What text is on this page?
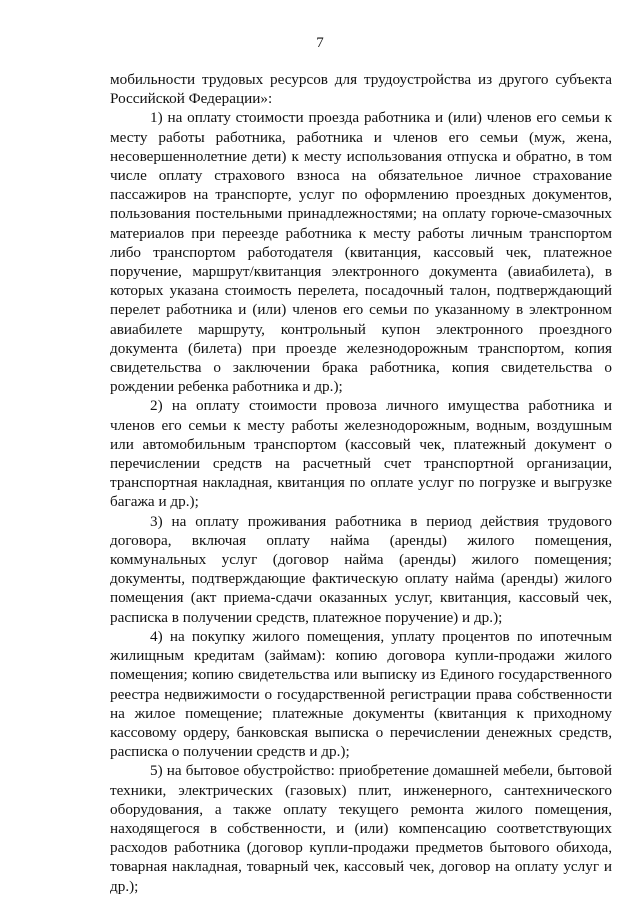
7

мобильности трудовых ресурсов для трудоустройства из другого субъекта Российской Федерации»:

1) на оплату стоимости проезда работника и (или) членов его семьи к месту работы работника, работника и членов его семьи (муж, жена, несовершеннолетние дети) к месту использования отпуска и обратно, в том числе оплату страхового взноса на обязательное личное страхование пассажиров на транспорте, услуг по оформлению проездных документов, пользования постельными принадлежностями; на оплату горюче-смазочных материалов при переезде работника к месту работы личным транспортом либо транспортом работодателя (квитанция, кассовый чек, платежное поручение, маршрут/квитанция электронного документа (авиабилета), в которых указана стоимость перелета, посадочный талон, подтверждающий перелет работника и (или) членов его семьи по указанному в электронном авиабилете маршруту, контрольный купон электронного проездного документа (билета) при проезде железнодорожным транспортом, копия свидетельства о заключении брака работника, копия свидетельства о рождении ребенка работника и др.);

2) на оплату стоимости провоза личного имущества работника и членов его семьи к месту работы железнодорожным, водным, воздушным или автомобильным транспортом (кассовый чек, платежный документ о перечислении средств на расчетный счет транспортной организации, транспортная накладная, квитанция по оплате услуг по погрузке и выгрузке багажа и др.);

3) на оплату проживания работника в период действия трудового договора, включая оплату найма (аренды) жилого помещения, коммунальных услуг (договор найма (аренды) жилого помещения; документы, подтверждающие фактическую оплату найма (аренды) жилого помещения (акт приема-сдачи оказанных услуг, квитанция, кассовый чек, расписка в получении средств, платежное поручение) и др.);

4) на покупку жилого помещения, уплату процентов по ипотечным жилищным кредитам (займам): копию договора купли-продажи жилого помещения; копию свидетельства или выписку из Единого государственного реестра недвижимости о государственной регистрации права собственности на жилое помещение; платежные документы (квитанция к приходному кассовому ордеру, банковская выписка о перечислении денежных средств, расписка о получении средств и др.);

5) на бытовое обустройство: приобретение домашней мебели, бытовой техники, электрических (газовых) плит, инженерного, сантехнического оборудования, а также оплату текущего ремонта жилого помещения, находящегося в собственности, и (или) компенсацию соответствующих расходов работника (договор купли-продажи предметов бытового обихода, товарная накладная, товарный чек, кассовый чек, договор на оплату услуг и др.);
